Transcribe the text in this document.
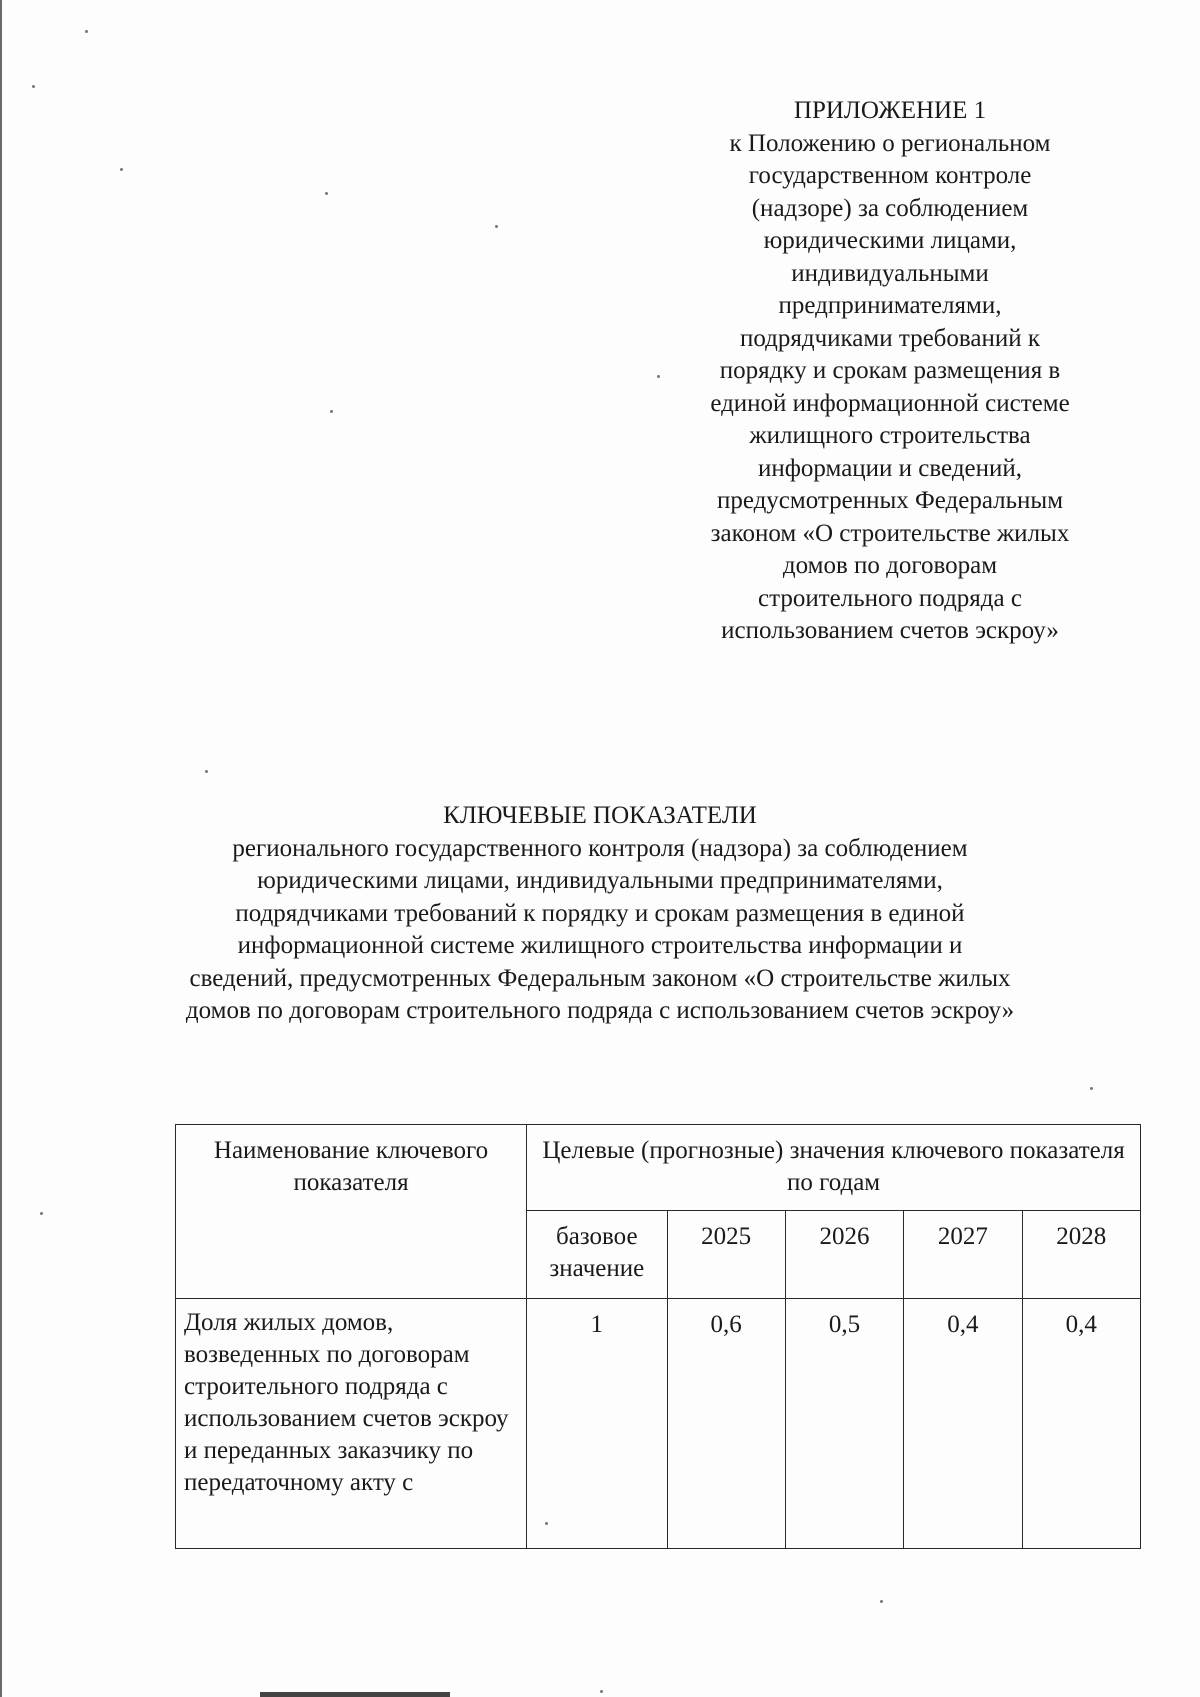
ПРИЛОЖЕНИЕ 1
к Положению о региональном
государственном контроле
(надзоре) за соблюдением
юридическими лицами,
индивидуальными
предпринимателями,
подрядчиками требований к
порядку и срокам размещения в
единой информационной системе
жилищного строительства
информации и сведений,
предусмотренных Федеральным
законом «О строительстве жилых
домов по договорам
строительного подряда с
использованием счетов эскроу»
КЛЮЧЕВЫЕ ПОКАЗАТЕЛИ
регионального государственного контроля (надзора) за соблюдением
юридическими лицами, индивидуальными предпринимателями,
подрядчиками требований к порядку и срокам размещения в единой
информационной системе жилищного строительства информации и
сведений, предусмотренных Федеральным законом «О строительстве жилых
домов по договорам строительного подряда с использованием счетов эскроу»
Наименование ключевого показателя	Целевые (прогнозные) значения ключевого показателя по годам				
	базовое значение	2025	2026	2027	2028
Доля жилых домов, возведенных по договорам строительного подряда с использованием счетов эскроу и переданных заказчику по передаточному акту с	1	0,6	0,5	0,4	0,4
